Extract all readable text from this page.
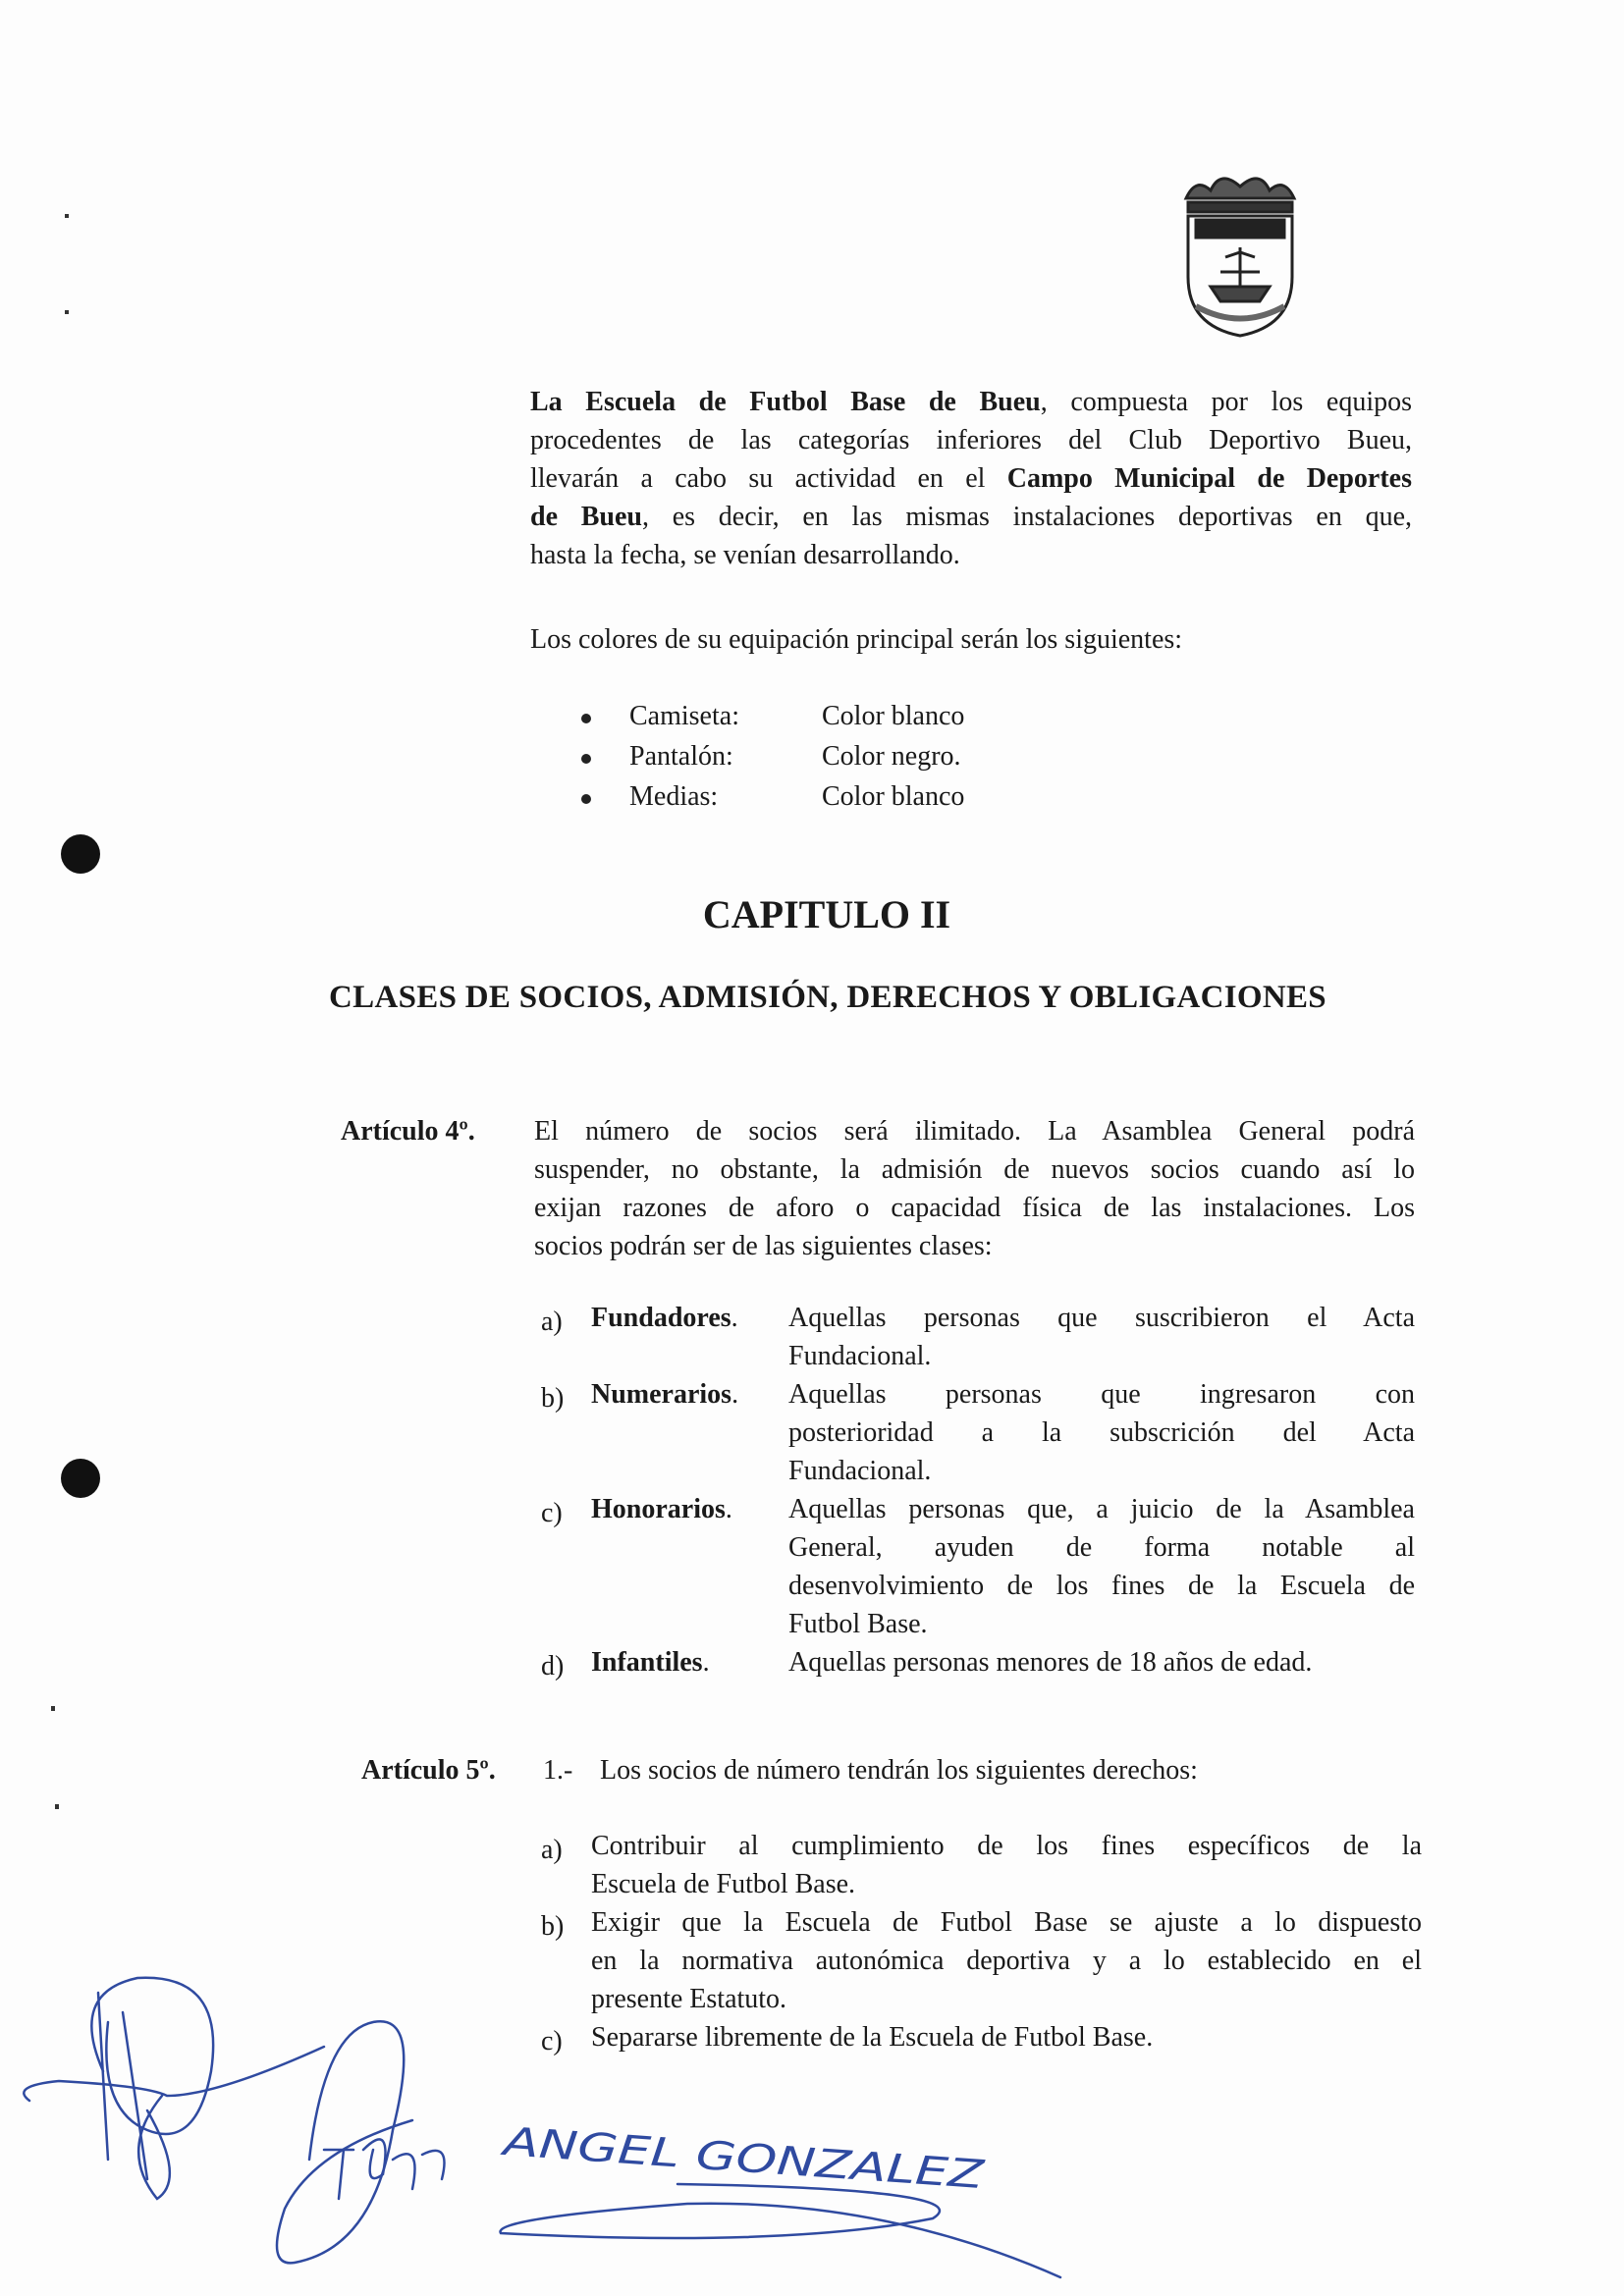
La Escuela de Futbol Base de Bueu, compuesta por los equipos
procedentes de las categorías inferiores del Club Deportivo Bueu,
llevarán a cabo su actividad en el Campo Municipal de Deportes
de Bueu, es decir, en las mismas instalaciones deportivas en que,
hasta la fecha, se venían desarrollando.
Los colores de su equipación principal serán los siguientes:
Camiseta:	Color blanco
Pantalón:	Color negro.
Medias:	Color blanco
CAPITULO II
CLASES DE SOCIOS, ADMISIÓN, DERECHOS Y OBLIGACIONES
Artículo 4º. El número de socios será ilimitado. La Asamblea General podrá
suspender, no obstante, la admisión de nuevos socios cuando así lo
exijan razones de aforo o capacidad física de las instalaciones. Los
socios podrán ser de las siguientes clases:
a) Fundadores. Aquellas personas que suscribieron el Acta
Fundacional.
b) Numerarios. Aquellas personas que ingresaron con
posterioridad a la subscrición del Acta
Fundacional.
c) Honorarios. Aquellas personas que, a juicio de la Asamblea
General, ayuden de forma notable al
desenvolvimiento de los fines de la Escuela de
Futbol Base.
d) Infantiles.	Aquellas personas menores de 18 años de edad.
Artículo 5º. 1.- Los socios de número tendrán los siguientes derechos:
a) Contribuir al cumplimiento de los fines específicos de la
Escuela de Futbol Base.
b) Exigir que la Escuela de Futbol Base se ajuste a lo dispuesto
en la normativa autonómica deportiva y a lo establecido en el
presente Estatuto.
c) Separarse libremente de la Escuela de Futbol Base.
ANGEL GONZALEZ
